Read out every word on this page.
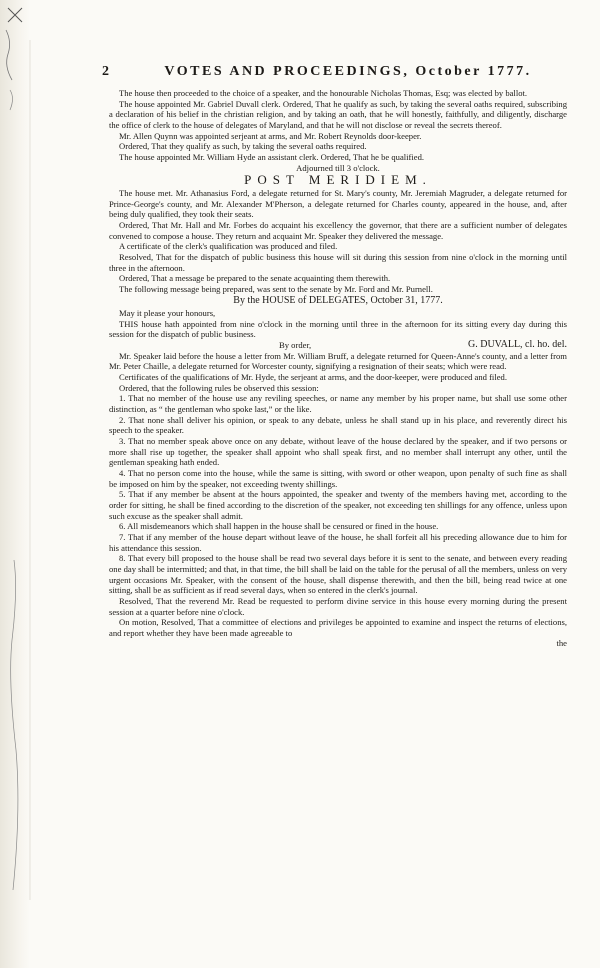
2	VOTES AND PROCEEDINGS, October 1777.

The house then proceeded to the choice of a speaker, and the honourable Nicholas Thomas, Esq; was elected by ballot.

The house appointed Mr. Gabriel Duvall clerk. Ordered, That he qualify as such, by taking the several oaths required, subscribing a declaration of his belief in the christian religion, and by taking an oath, that he will honestly, faithfully, and diligently, discharge the office of clerk to the house of delegates of Maryland, and that he will not disclose or reveal the secrets thereof.

Mr. Allen Quynn was appointed serjeant at arms, and Mr. Robert Reynolds door-keeper.

Ordered, That they qualify as such, by taking the several oaths required.

The house appointed Mr. William Hyde an assistant clerk. Ordered, That he be qualified.

Adjourned till 3 o'clock.

POST MERIDIEM.

The house met. Mr. Athanasius Ford, a delegate returned for St. Mary's county, Mr. Jeremiah Magruder, a delegate returned for Prince-George's county, and Mr. Alexander M'Pherson, a delegate returned for Charles county, appeared in the house, and, after being duly qualified, they took their seats.

Ordered, That Mr. Hall and Mr. Forbes do acquaint his excellency the governor, that there are a sufficient number of delegates convened to compose a house. They return and acquaint Mr. Speaker they delivered the message.

A certificate of the clerk's qualification was produced and filed.

Resolved, That for the dispatch of public business this house will sit during this session from nine o'clock in the morning until three in the afternoon.

Ordered, That a message be prepared to the senate acquainting them therewith.

The following message being prepared, was sent to the senate by Mr. Ford and Mr. Purnell.

By the HOUSE of DELEGATES, October 31, 1777.

May it please your honours,

THIS house hath appointed from nine o'clock in the morning until three in the afternoon for its sitting every day during this session for the dispatch of public business.

By order,	G. DUVALL, cl. ho. del.

Mr. Speaker laid before the house a letter from Mr. William Bruff, a delegate returned for Queen-Anne's county, and a letter from Mr. Peter Chaille, a delegate returned for Worcester county, signifying a resignation of their seats; which were read.

Certificates of the qualifications of Mr. Hyde, the serjeant at arms, and the door-keeper, were produced and filed.

Ordered, that the following rules be observed this session:

1. That no member of the house use any reviling speeches, or name any member by his proper name, but shall use some other distinction, as “ the gentleman who spoke last,” or the like.

2. That none shall deliver his opinion, or speak to any debate, unless he shall stand up in his place, and reverently direct his speech to the speaker.

3. That no member speak above once on any debate, without leave of the house declared by the speaker, and if two persons or more shall rise up together, the speaker shall appoint who shall speak first, and no member shall interrupt any other, until the gentleman speaking hath ended.

4. That no person come into the house, while the same is sitting, with sword or other weapon, upon penalty of such fine as shall be imposed on him by the speaker, not exceeding twenty shillings.

5. That if any member be absent at the hours appointed, the speaker and twenty of the members having met, according to the order for sitting, he shall be fined according to the discretion of the speaker, not exceeding ten shillings for any offence, unless upon such excuse as the speaker shall admit.

6. All misdemeanors which shall happen in the house shall be censured or fined in the house.

7. That if any member of the house depart without leave of the house, he shall forfeit all his preceding allowance due to him for his attendance this session.

8. That every bill proposed to the house shall be read two several days before it is sent to the senate, and between every reading one day shall be intermitted; and that, in that time, the bill shall be laid on the table for the perusal of all the members, unless on very urgent occasions Mr. Speaker, with the consent of the house, shall dispense therewith, and then the bill, being read twice at one sitting, shall be as sufficient as if read several days, when so entered in the clerk's journal.

Resolved, That the reverend Mr. Read be requested to perform divine service in this house every morning during the present session at a quarter before nine o'clock.

On motion, Resolved, That a committee of elections and privileges be appointed to examine and inspect the returns of elections, and report whether they have been made agreeable to

the
